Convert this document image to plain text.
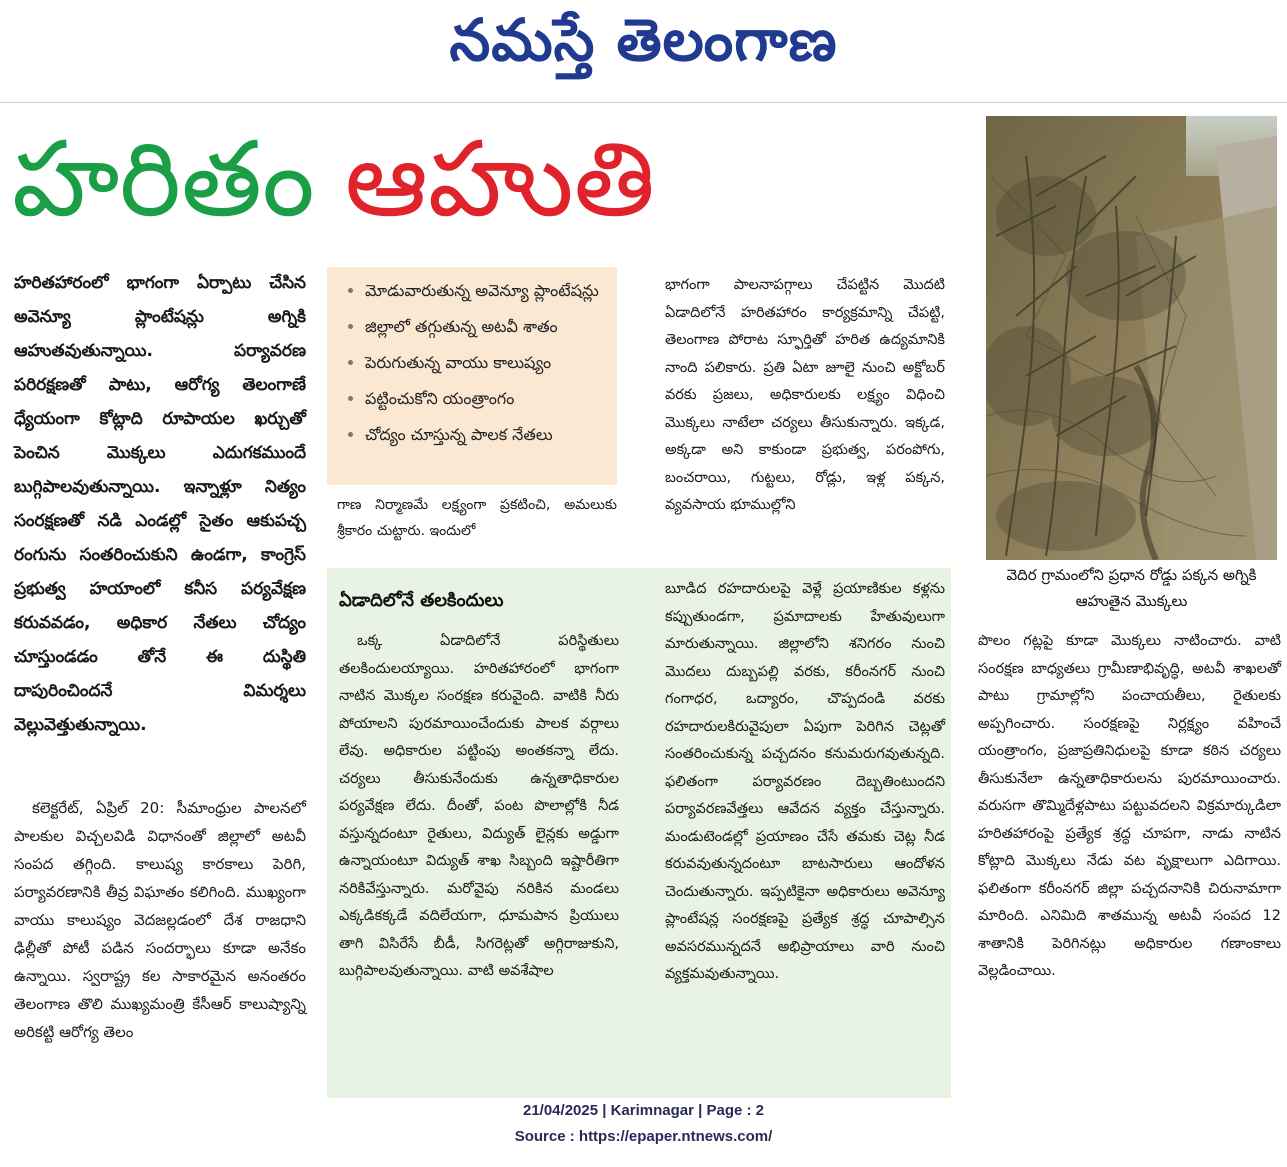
నమస్తే తెలంగాణ
హరితం ఆహుతి
హరితహారంలో భాగంగా ఏర్పాటు చేసిన అవెన్యూ ప్లాంటేషన్లు అగ్నికి ఆహుతవుతున్నాయి. పర్యావరణ పరిరక్షణతో పాటు, ఆరోగ్య తెలంగాణే ధ్యేయంగా కోట్లాది రూపాయల ఖర్చుతో పెంచిన మొక్కలు ఎదుగకముందే బుగ్గిపాలవుతున్నాయి. ఇన్నాళ్లూ నిత్యం సంరక్షణతో నడి ఎండల్లో సైతం ఆకుపచ్చ రంగును సంతరించుకుని ఉండగా, కాంగ్రెస్ ప్రభుత్వ హయాంలో కనీస పర్యవేక్షణ కరువవడం, అధికార నేతలు చోద్యం చూస్తుండడం తోనే ఈ దుస్థితి దాపురించిందనే విమర్శలు వెల్లువెత్తుతున్నాయి.
కలెక్టరేట్, ఏప్రిల్ 20: సీమాంధ్రుల పాలనలో పాలకుల విచ్చలవిడి విధానంతో జిల్లాలో అటవీ సంపద తగ్గింది. కాలుష్య కారకాలు పెరిగి, పర్యావరణానికి తీవ్ర విఘాతం కలిగింది. ముఖ్యంగా వాయు కాలుష్యం వెదజల్లడంలో దేశ రాజధాని ఢిల్లీతో పోటీ పడిన సందర్భాలు కూడా అనేకం ఉన్నాయి. స్వరాష్ట్ర కల సాకారమైన అనంతరం తెలంగాణ తొలి ముఖ్యమంత్రి కేసీఆర్ కాలుష్యాన్ని అరికట్టి ఆరోగ్య తెలం
• మోడువారుతున్న అవెన్యూ ప్లాంటేషన్లు
• జిల్లాలో తగ్గుతున్న అటవీ శాతం
• పెరుగుతున్న వాయు కాలుష్యం
• పట్టించుకోని యంత్రాంగం
• చోద్యం చూస్తున్న పాలక నేతలు
గాణ నిర్మాణమే లక్ష్యంగా ప్రకటించి, అమలుకు శ్రీకారం చుట్టారు. ఇందులో
ఏడాదిలోనే తలకిందులు
ఒక్క ఏడాదిలోనే పరిస్థితులు తలకిందులయ్యాయి. హరితహారంలో భాగంగా నాటిన మొక్కల సంరక్షణ కరువైంది. వాటికి నీరు పోయాలని పురమాయించేందుకు పాలక వర్గాలు లేవు. అధికారుల పట్టింపు అంతకన్నా లేదు. చర్యలు తీసుకునేందుకు ఉన్నతాధికారుల పర్యవేక్షణ లేదు. దీంతో, పంట పొలాల్లోకి నీడ వస్తున్నదంటూ రైతులు, విద్యుత్ లైన్లకు అడ్డుగా ఉన్నాయంటూ విద్యుత్ శాఖ సిబ్బంది ఇష్టారీతిగా నరికివేస్తున్నారు. మరోవైపు నరికిన మండలు ఎక్కడికక్కడే వదిలేయగా, ధూమపాన ప్రియులు తాగి విసిరేసే బీడీ, సిగరెట్లతో అగ్గిరాజుకుని, బుగ్గిపాలవుతున్నాయి. వాటి అవశేషాల
భాగంగా పాలనాపగ్గాలు చేపట్టిన మొదటి ఏడాదిలోనే హరితహారం కార్యక్రమాన్ని చేపట్టి, తెలంగాణ పోరాట స్ఫూర్తితో హరిత ఉద్యమానికి నాంది పలికారు. ప్రతి ఏటా జూలై నుంచి అక్టోబర్ వరకు ప్రజలు, అధికారులకు లక్ష్యం విధించి మొక్కలు నాటేలా చర్యలు తీసుకున్నారు. ఇక్కడ, అక్కడా అని కాకుండా ప్రభుత్వ, పరంపోగు, బంచరాయి, గుట్టలు, రోడ్లు, ఇళ్ల పక్కన, వ్యవసాయ భూముల్లోని
బూడిద రహదారులపై వెళ్లే ప్రయాణికుల కళ్లను కప్పుతుండగా, ప్రమాదాలకు హేతువులుగా మారుతున్నాయి. జిల్లాలోని శనిగరం నుంచి మొదలు దుబ్బపల్లి వరకు, కరీంనగర్ నుంచి గంగాధర, ఒద్యారం, చొప్పదండి వరకు రహదారులకిరువైపులా ఏపుగా పెరిగిన చెట్లతో సంతరించుకున్న పచ్చదనం కనుమరుగవుతున్నది. ఫలితంగా పర్యావరణం దెబ్బతింటుందని పర్యావరణవేత్తలు ఆవేదన వ్యక్తం చేస్తున్నారు. మండుటెండల్లో ప్రయాణం చేసే తమకు చెట్ల నీడ కరువవుతున్నదంటూ బాటసారులు ఆందోళన చెందుతున్నారు. ఇప్పటికైనా అధికారులు అవెన్యూ ప్లాంటేషన్ల సంరక్షణపై ప్రత్యేక శ్రద్ధ చూపాల్సిన అవసరమున్నదనే అభిప్రాయాలు వారి నుంచి వ్యక్తమవుతున్నాయి.
వెదిర గ్రామంలోని ప్రధాన రోడ్డు పక్కన అగ్నికి ఆహుతైన మొక్కలు
పొలం గట్లపై కూడా మొక్కలు నాటించారు. వాటి సంరక్షణ బాధ్యతలు గ్రామీణాభివృద్ధి, అటవీ శాఖలతో పాటు గ్రామాల్లోని పంచాయతీలు, రైతులకు అప్పగించారు. సంరక్షణపై నిర్లక్ష్యం వహించే యంత్రాంగం, ప్రజాప్రతినిధులపై కూడా కఠిన చర్యలు తీసుకునేలా ఉన్నతాధికారులను పురమాయించారు. వరుసగా తొమ్మిదేళ్లపాటు పట్టువదలని విక్రమార్కుడిలా హరితహారంపై ప్రత్యేక శ్రద్ధ చూపగా, నాడు నాటిన కోట్లాది మొక్కలు నేడు వట వృక్షాలుగా ఎదిగాయి. ఫలితంగా కరీంనగర్ జిల్లా పచ్చదనానికి చిరునామాగా మారింది. ఎనిమిది శాతమున్న అటవీ సంపద 12 శాతానికి పెరిగినట్లు అధికారుల గణాంకాలు వెల్లడించాయి.
21/04/2025 | Karimnagar | Page : 2
Source : https://epaper.ntnews.com/
